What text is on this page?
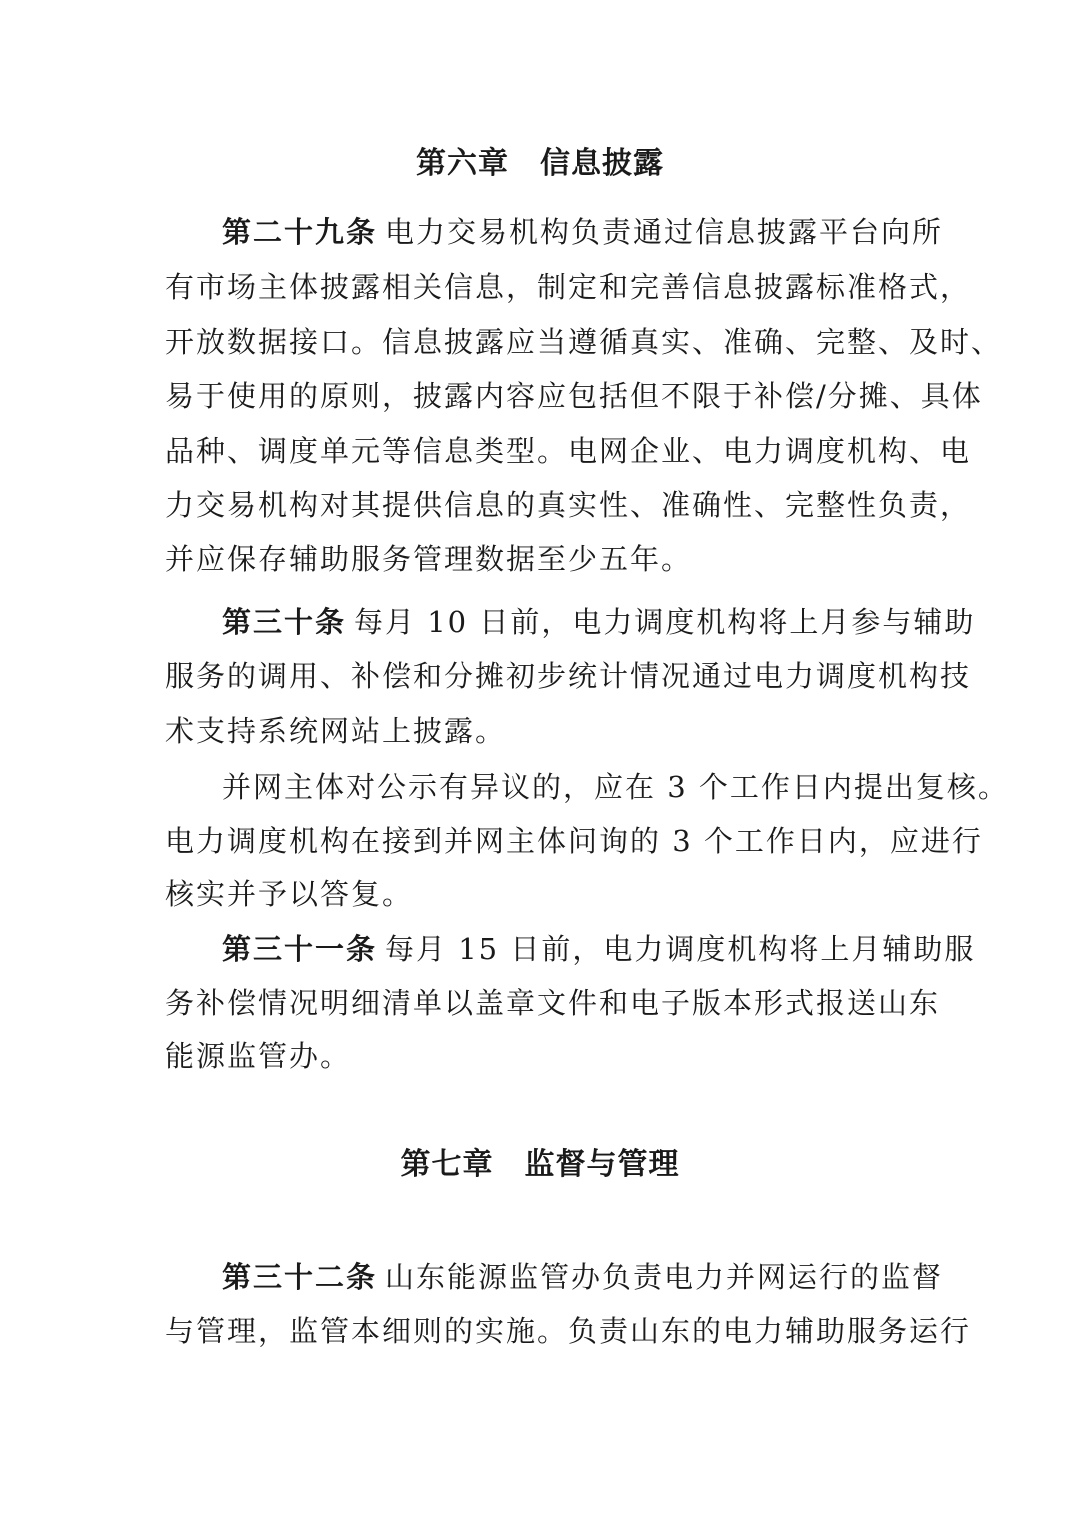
第六章　信息披露
第二十九条 电力交易机构负责通过信息披露平台向所
有市场主体披露相关信息，制定和完善信息披露标准格式，
开放数据接口。信息披露应当遵循真实、准确、完整、及时、
易于使用的原则，披露内容应包括但不限于补偿/分摊、具体
品种、调度单元等信息类型。电网企业、电力调度机构、电
力交易机构对其提供信息的真实性、准确性、完整性负责，
并应保存辅助服务管理数据至少五年。
第三十条 每月 10 日前，电力调度机构将上月参与辅助
服务的调用、补偿和分摊初步统计情况通过电力调度机构技
术支持系统网站上披露。
并网主体对公示有异议的，应在 3 个工作日内提出复核。
电力调度机构在接到并网主体问询的 3 个工作日内，应进行
核实并予以答复。
第三十一条 每月 15 日前，电力调度机构将上月辅助服
务补偿情况明细清单以盖章文件和电子版本形式报送山东
能源监管办。
第七章　监督与管理
第三十二条 山东能源监管办负责电力并网运行的监督
与管理，监管本细则的实施。负责山东的电力辅助服务运行
